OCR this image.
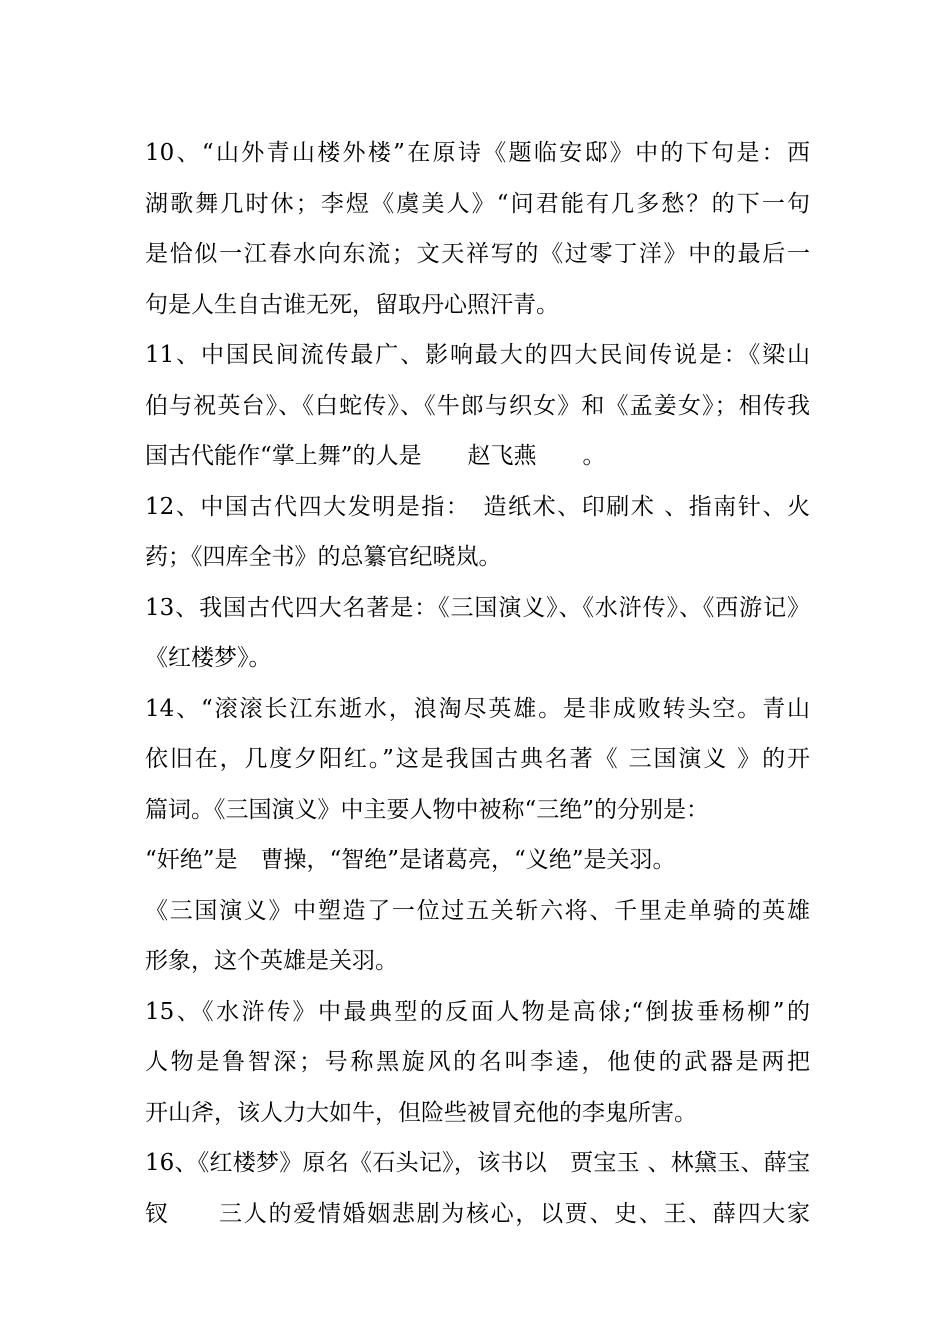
10、“山外青山楼外楼”在原诗《题临安邸》中的下句是：西
湖歌舞几时休；李煜《虞美人》“问君能有几多愁？的下一句
是恰似一江春水向东流；文天祥写的《过零丁洋》中的最后一
句是人生自古谁无死，留取丹心照汗青。
11、中国民间流传最广、影响最大的四大民间传说是：《梁山
伯与祝英台》、《白蛇传》、《牛郎与织女》和《孟姜女》；相传我
国古代能作“掌上舞”的人是　　赵飞燕　　。
12、中国古代四大发明是指：　造纸术、印刷术 、指南针、火
药；《四库全书》的总纂官纪晓岚。
13、我国古代四大名著是：《三国演义》、《水浒传》、《西游记》
《红楼梦》。
14、“滚滚长江东逝水，浪淘尽英雄。是非成败转头空。青山
依旧在，几度夕阳红。”这是我国古典名著《 三国演义 》的开
篇词。《三国演义》中主要人物中被称“三绝”的分别是：
“奸绝”是　曹操，“智绝”是诸葛亮，“义绝”是关羽。
《三国演义》中塑造了一位过五关斩六将、千里走单骑的英雄
形象，这个英雄是关羽。
15、《水浒传》中最典型的反面人物是高俅;“倒拔垂杨柳”的
人物是鲁智深；号称黑旋风的名叫李逵，他使的武器是两把
开山斧，该人力大如牛，但险些被冒充他的李鬼所害。
16、《红楼梦》原名《石头记》，该书以　贾宝玉 、林黛玉、薛宝
钗　　三人的爱情婚姻悲剧为核心，以贾、史、王、薛四大家
